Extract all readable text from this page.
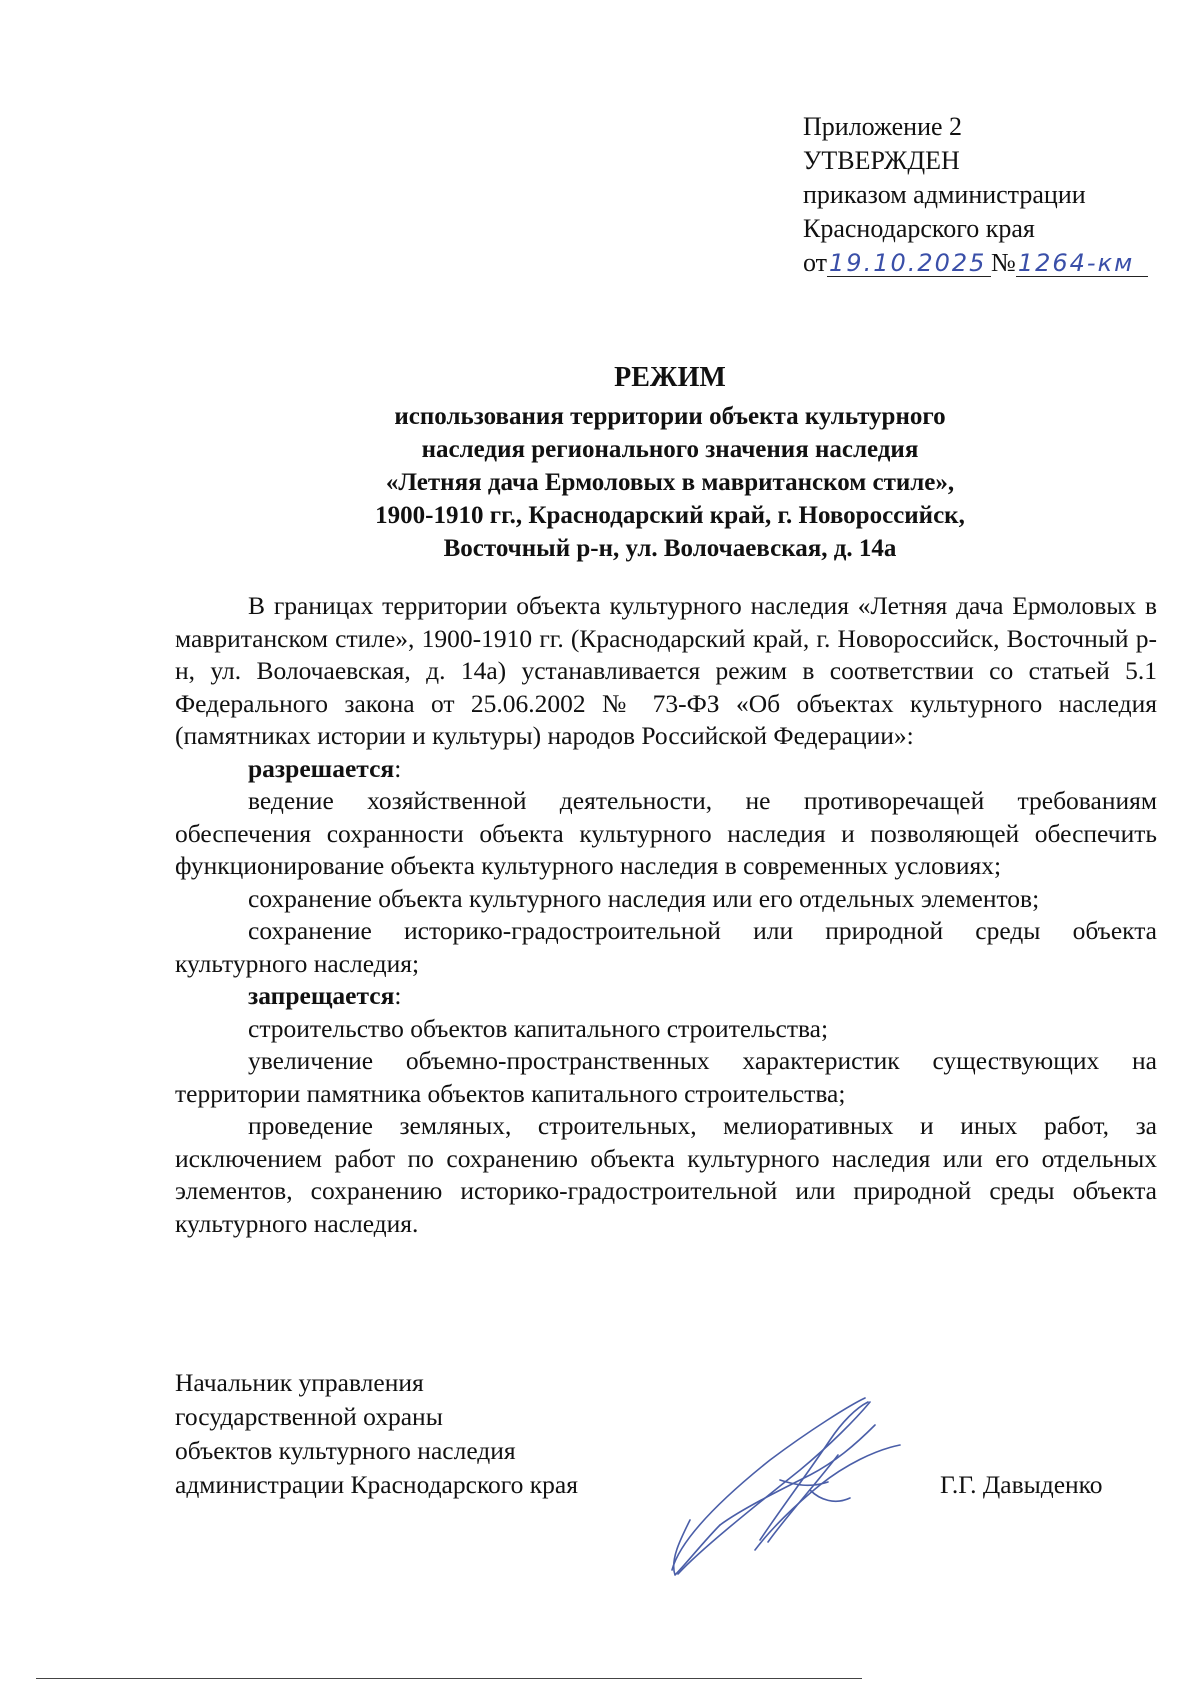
Приложение 2

УТВЕРЖДЕН

приказом администрации

Краснодарского края

от19.10.2025 №1264-км

РЕЖИМ

использования территории объекта культурного

наследия регионального значения наследия

«Летняя дача Ермоловых в мавританском стиле»,

1900-1910 гг., Краснодарский край, г. Новороссийск,

Восточный р-н, ул. Волочаевская, д. 14а

В границах территории объекта культурного наследия «Летняя дача Ермоловых в мавританском стиле», 1900-1910 гг. (Краснодарский край, г. Новороссийск, Восточный р-н, ул. Волочаевская, д. 14а) устанавливается режим в соответствии со статьей 5.1 Федерального закона от 25.06.2002 № 73-ФЗ «Об объектах культурного наследия (памятниках истории и культуры) народов Российской Федерации»:

разрешается:

ведение хозяйственной деятельности, не противоречащей требованиям обеспечения сохранности объекта культурного наследия и позволяющей обеспечить функционирование объекта культурного наследия в современных условиях;

сохранение объекта культурного наследия или его отдельных элементов;

сохранение историко-градостроительной или природной среды объекта культурного наследия;

запрещается:

строительство объектов капитального строительства;

увеличение объемно-пространственных характеристик существующих на территории памятника объектов капитального строительства;

проведение земляных, строительных, мелиоративных и иных работ, за исключением работ по сохранению объекта культурного наследия или его отдельных элементов, сохранению историко-градостроительной или природной среды объекта культурного наследия.

Начальник управления

государственной охраны

объектов культурного наследия

администрации Краснодарского края	Г.Г. Давыденко
